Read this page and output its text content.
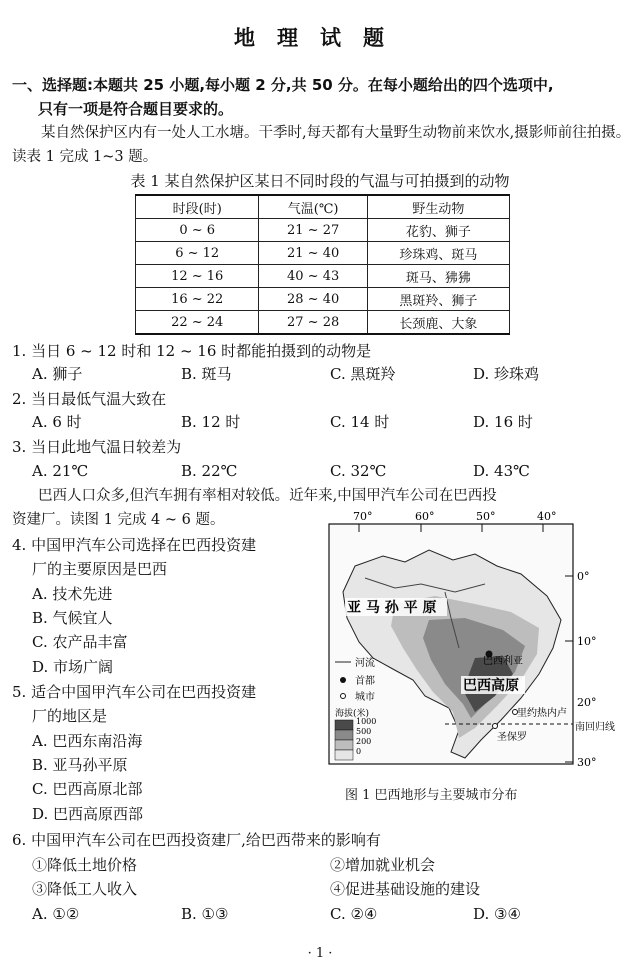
地理试题
一、选择题:本题共 25 小题,每小题 2 分,共 50 分。在每小题给出的四个选项中,
只有一项是符合题目要求的。
某自然保护区内有一处人工水塘。干季时,每天都有大量野生动物前来饮水,摄影师前往拍摄。读表 1 完成 1~3 题。
表 1 某自然保护区某日不同时段的气温与可拍摄到的动物
时段(时)	气温(℃)	野生动物
0 ~ 6	21 ~ 27	花豹、狮子
6 ~ 12	21 ~ 40	珍珠鸡、斑马
12 ~ 16	40 ~ 43	斑马、狒狒
16 ~ 22	28 ~ 40	黑斑羚、狮子
22 ~ 24	27 ~ 28	长颈鹿、大象
1. 当日 6 ~ 12 时和 12 ~ 16 时都能拍摄到的动物是
A. 狮子	B. 斑马	C. 黑斑羚	D. 珍珠鸡
2. 当日最低气温大致在
A. 6 时	B. 12 时	C. 14 时	D. 16 时
3. 当日此地气温日较差为
A. 21℃	B. 22℃	C. 32℃	D. 43℃
巴西人口众多,但汽车拥有率相对较低。近年来,中国甲汽车公司在巴西投
资建厂。读图 1 完成 4 ~ 6 题。
4. 中国甲汽车公司选择在巴西投资建
厂的主要原因是巴西
A. 技术先进
B. 气候宜人
C. 农产品丰富
D. 市场广阔
5. 适合中国甲汽车公司在巴西投资建
厂的地区是
A. 巴西东南沿海
B. 亚马孙平原
C. 巴西高原北部
D. 巴西高原西部
6. 中国甲汽车公司在巴西投资建厂,给巴西带来的影响有
①降低土地价格	②增加就业机会
③降低工人收入	④促进基础设施的建设
A. ①②	B. ①③	C. ②④	D. ③④
70°	60°	50°	40°
0°
10°
20°
30°
亚 马 孙 平 原
巴西高原
巴西利亚
里约热内卢
圣保罗
南回归线
河流
首都
城市
海拔(米)
1000
500
200
0
图 1 巴西地形与主要城市分布
· 1 ·
